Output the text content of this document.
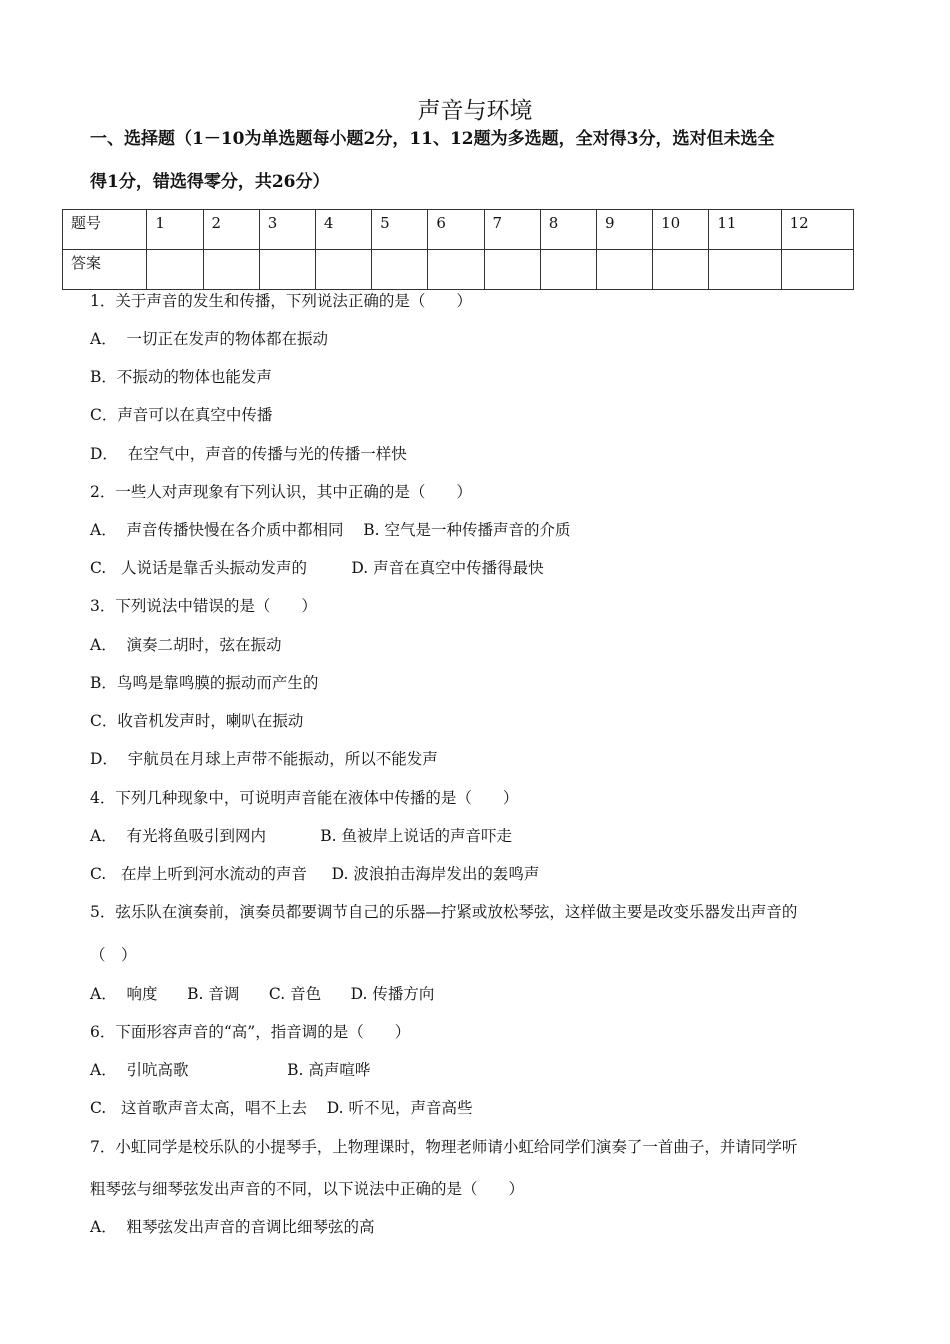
声音与环境
一、选择题（1－10为单选题每小题2分，11、12题为多选题，全对得3分，选对但未选全
得1分，错选得零分，共26分）
题号	1	2	3	4	5	6	7	8	9	10	11	12
答案												
1．关于声音的发生和传播，下列说法正确的是（　　）
A．  一切正在发声的物体都在振动
B．不振动的物体也能发声
C．声音可以在真空中传播
D．  在空气中，声音的传播与光的传播一样快
2．一些人对声现象有下列认识，其中正确的是（　　）
A．  声音传播快慢在各介质中都相同    B. 空气是一种传播声音的介质
C.   人说话是靠舌头振动发声的         D. 声音在真空中传播得最快
3．下列说法中错误的是（　　）
A．  演奏二胡时，弦在振动
B．鸟鸣是靠鸣膜的振动而产生的
C．收音机发声时，喇叭在振动
D．  宇航员在月球上声带不能振动，所以不能发声
4．下列几种现象中，可说明声音能在液体中传播的是（　　）
A．  有光将鱼吸引到网内           B. 鱼被岸上说话的声音吓走
C.   在岸上听到河水流动的声音     D. 波浪拍击海岸发出的轰鸣声
5．弦乐队在演奏前，演奏员都要调节自己的乐器—拧紧或放松琴弦，这样做主要是改变乐器发出声音的
（　）
A．  响度      B. 音调      C. 音色      D. 传播方向
6．下面形容声音的“高”，指音调的是（　　）
A．  引吭高歌                    B. 高声喧哗
C.   这首歌声音太高，唱不上去    D. 听不见，声音高些
7．小虹同学是校乐队的小提琴手，上物理课时，物理老师请小虹给同学们演奏了一首曲子，并请同学听
粗琴弦与细琴弦发出声音的不同，以下说法中正确的是（　　）
A．  粗琴弦发出声音的音调比细琴弦的高
